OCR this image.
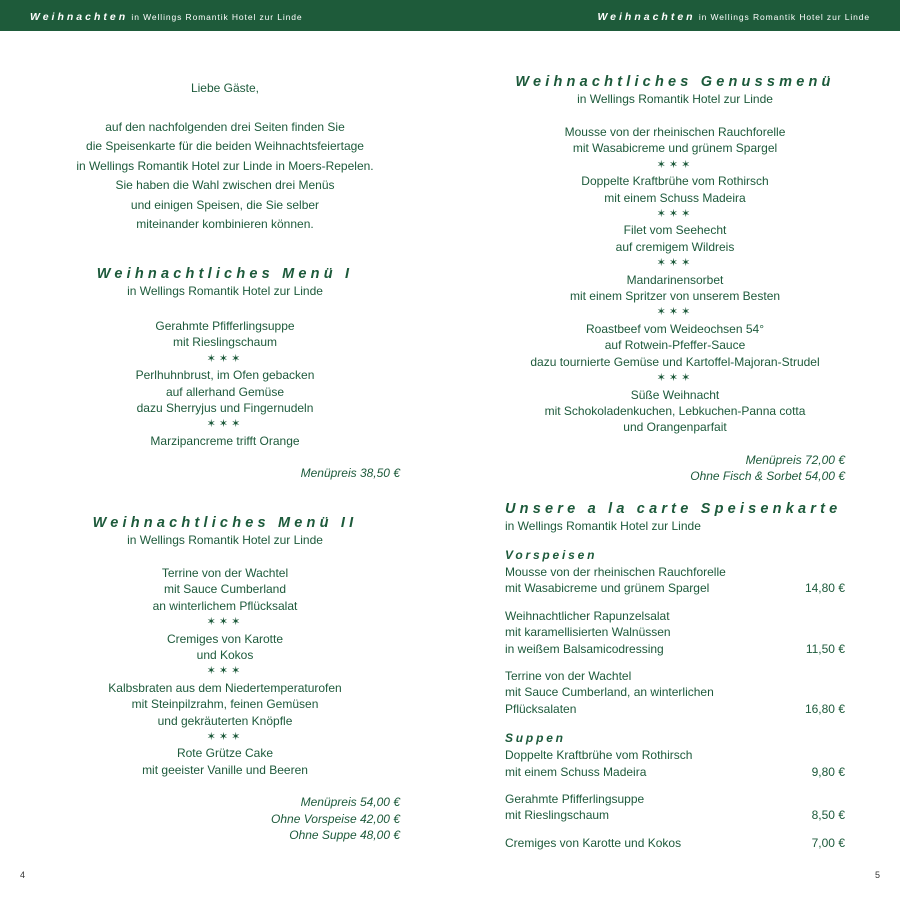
Weihnachten in Wellings Romantik Hotel zur Linde	Weihnachten in Wellings Romantik Hotel zur Linde
Liebe Gäste,
auf den nachfolgenden drei Seiten finden Sie
die Speisenkarte für die beiden Weihnachtsfeiertage
in Wellings Romantik Hotel zur Linde in Moers-Repelen.
Sie haben die Wahl zwischen drei Menüs
und einigen Speisen, die Sie selber
miteinander kombinieren können.
Weihnachtliches Menü I
in Wellings Romantik Hotel zur Linde
Gerahmte Pfifferlingsuppe
mit Rieslingschaum
✶✶✶
Perlhuhnbrust, im Ofen gebacken
auf allerhand Gemüse
dazu Sherryjus und Fingernudeln
✶✶✶
Marzipancreme trifft Orange
Menüpreis 38,50 €
Weihnachtliches Menü II
in Wellings Romantik Hotel zur Linde
Terrine von der Wachtel
mit Sauce Cumberland
an winterlichem Pflücksalat
✶✶✶
Cremiges von Karotte
und Kokos
✶✶✶
Kalbsbraten aus dem Niedertemperaturofen
mit Steinpilzrahm, feinen Gemüsen
und gekräuterten Knöpfle
✶✶✶
Rote Grütze Cake
mit geeister Vanille und Beeren
Menüpreis 54,00 €
Ohne Vorspeise 42,00 €
Ohne Suppe 48,00 €
Weihnachtliches Genussmenü
in Wellings Romantik Hotel zur Linde
Mousse von der rheinischen Rauchforelle
mit Wasabicreme und grünem Spargel
✶✶✶
Doppelte Kraftbrühe vom Rothirsch
mit einem Schuss Madeira
✶✶✶
Filet vom Seehecht
auf cremigem Wildreis
✶✶✶
Mandarinensorbet
mit einem Spritzer von unserem Besten
✶✶✶
Roastbeef vom Weideochsen 54°
auf Rotwein-Pfeffer-Sauce
dazu tournierte Gemüse und Kartoffel-Majoran-Strudel
✶✶✶
Süße Weihnacht
mit Schokoladenkuchen, Lebkuchen-Panna cotta
und Orangenparfait
Menüpreis 72,00 €
Ohne Fisch & Sorbet 54,00 €
Unsere a la carte Speisenkarte
in Wellings Romantik Hotel zur Linde
Vorspeisen
Mousse von der rheinischen Rauchforelle
mit Wasabicreme und grünem Spargel	14,80 €
Weihnachtlicher Rapunzelsalat
mit karamellisierten Walnüssen
in weißem Balsamicodressing	11,50 €
Terrine von der Wachtel
mit Sauce Cumberland, an winterlichen Pflücksalaten	16,80 €
Suppen
Doppelte Kraftbrühe vom Rothirsch
mit einem Schuss Madeira	9,80 €
Gerahmte Pfifferlingsuppe
mit Rieslingschaum	8,50 €
Cremiges von Karotte und Kokos	7,00 €
4	5
